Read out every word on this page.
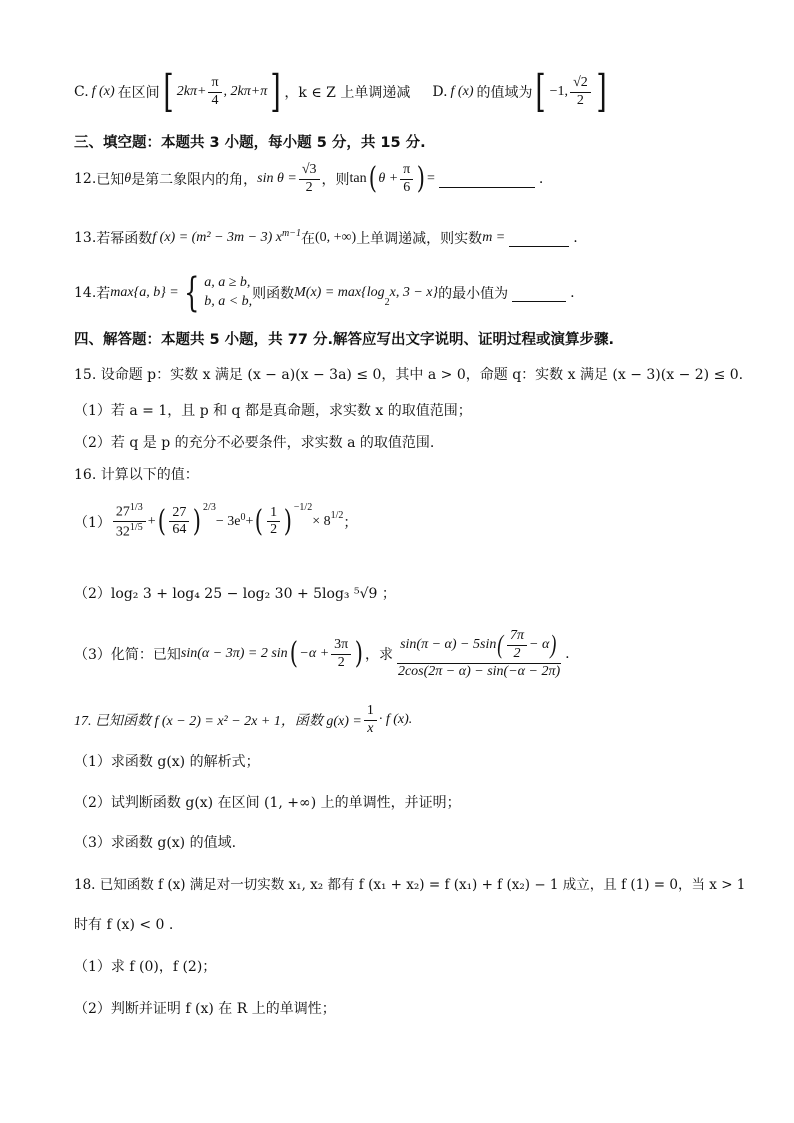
C. f (x) 在区间 [ $2k\pi+ \frac{\pi}{4}$ , 2kπ+π ] ，k ∈ Z 上单调递减 D. f (x) 的值域为 [ −1, $\frac{√2}{2}$ ]
三、填空题：本题共 3 小题，每小题 5 分，共 15 分.
12. 已知 θ 是第二象限内的角， $\sin \theta = \frac{√3}{2}$ ，则 tan ( $\theta + \frac{\pi}{6}$ ) =	.
13. 若幂函数 f (x) = (m² − 3m − 3) $x^{m-1}$ 在 (0, +∞) 上单调递减，则实数 m =	.
14. 若 max{a, b} = { a, a ≥ b,
b, a < b, 则函数 M(x) = max{log
$_2$
x, 3 − x} 的最小值为	.
四、解答题：本题共 5 小题，共 77 分.解答应写出文字说明、证明过程或演算步骤.
15. 设命题 p：实数 x 满足 (x − a)(x − 3a) ≤ 0，其中 a > 0，命题 q：实数 x 满足 (x − 3)(x − 2) ≤ 0.
（1）若 a = 1，且 p 和 q 都是真命题，求实数 x 的取值范围；
（2）若 q 是 p 的充分不必要条件，求实数 a 的取值范围.
16. 计算以下的值：
$(1) \frac{27^{1/3}}{32^{1/5}}$ + ( $\frac{27}{64} )^{2/3}$
− $3e^0$ + ( $\frac{1}{2} )^{-1/2}$
× $8^{1/2}$ ；
（2）log₂ 3 + log₄ 25 − log₂ 30 + 5log₃ ⁵√9 ；
（3）化简：已知 sin(α − 3π) = 2 sin ( $-\alpha + \frac{3\pi}{2}$ ) ，求
sin(π − α) − 5sin ( $\frac{7\pi}{2} - \alpha$ )
2cos(2π − α) − sin(−α − 2π)
.
17. 已知函数 f (x − 2) = x² − 2x + 1，函数 $g(x) = \frac{1}{x} \cdot f$ (x).
（1）求函数 g(x) 的解析式；
（2）试判断函数 g(x) 在区间 (1, +∞) 上的单调性，并证明；
（3）求函数 g(x) 的值域.
18. 已知函数 f (x) 满足对一切实数 x₁, x₂ 都有 f (x₁ + x₂) = f (x₁) + f (x₂) − 1 成立，且 f (1) = 0，当 x > 1
时有 f (x) < 0 .
（1）求 f (0)，f (2)；
（2）判断并证明 f (x) 在 R 上的单调性；
